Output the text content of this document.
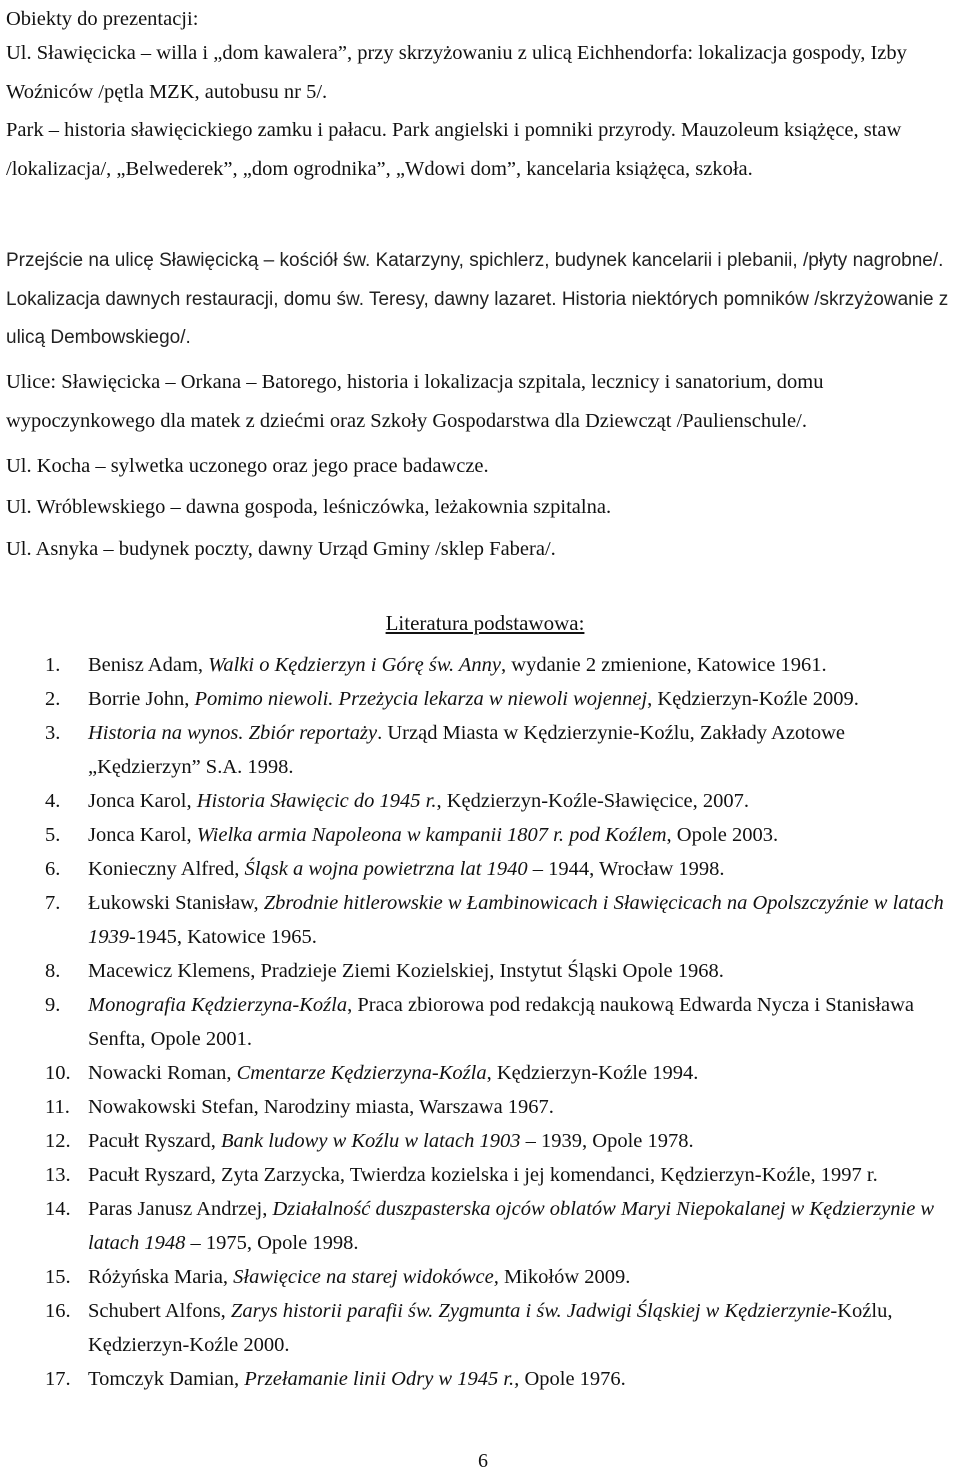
Obiekty do prezentacji:

Ul. Sławięcicka – willa i „dom kawalera”, przy skrzyżowaniu z ulicą Eichhendorfa: lokalizacja gospody, Izby Woźniców /pętla MZK, autobusu nr 5/.

Park – historia sławięcickiego zamku i pałacu. Park angielski i pomniki przyrody. Mauzoleum książęce, staw /lokalizacja/, „Belwederek”, „dom ogrodnika”, „Wdowi dom”, kancelaria książęca, szkoła.

Przejście na ulicę Sławięcicką – kościół św. Katarzyny, spichlerz, budynek kancelarii i plebanii, /płyty nagrobne/. Lokalizacja dawnych restauracji, domu św. Teresy, dawny lazaret. Historia niektórych pomników /skrzyżowanie z ulicą Dembowskiego/.

Ulice: Sławięcicka – Orkana – Batorego, historia i lokalizacja szpitala, lecznicy i sanatorium, domu wypoczynkowego dla matek z dziećmi oraz Szkoły Gospodarstwa dla Dziewcząt /Paulienschule/.

Ul. Kocha – sylwetka uczonego oraz jego prace badawcze.

Ul. Wróblewskiego – dawna gospoda, leśniczówka, leżakownia szpitalna.

Ul. Asnyka – budynek poczty, dawny Urząd Gminy /sklep Fabera/.

Literatura podstawowa:
1. Benisz Adam, Walki o Kędzierzyn i Górę św. Anny, wydanie 2 zmienione, Katowice 1961.
2. Borrie John, Pomimo niewoli. Przeżycia lekarza w niewoli wojennej, Kędzierzyn-Koźle 2009.
3. Historia na wynos. Zbiór reportaży. Urząd Miasta w Kędzierzynie-Koźlu, Zakłady Azotowe „Kędzierzyn” S.A. 1998.
4. Jonca Karol, Historia Sławięcic do 1945 r., Kędzierzyn-Koźle-Sławięcice, 2007.
5. Jonca Karol, Wielka armia Napoleona w kampanii 1807 r. pod Koźlem, Opole 2003.
6. Konieczny Alfred, Śląsk a wojna powietrzna lat 1940 – 1944, Wrocław 1998.
7. Łukowski Stanisław, Zbrodnie hitlerowskie w Łambinowicach i Sławięcicach na Opolszczyźnie w latach 1939-1945, Katowice 1965.
8. Macewicz Klemens, Pradzieje Ziemi Kozielskiej, Instytut Śląski Opole 1968.
9. Monografia Kędzierzyna-Koźla, Praca zbiorowa pod redakcją naukową Edwarda Nycza i Stanisława Senfta, Opole 2001.
10. Nowacki Roman, Cmentarze Kędzierzyna-Koźla, Kędzierzyn-Koźle 1994.
11. Nowakowski Stefan, Narodziny miasta, Warszawa 1967.
12. Pacułt Ryszard, Bank ludowy w Koźlu w latach 1903 – 1939, Opole 1978.
13. Pacułt Ryszard, Zyta Zarzycka, Twierdza kozielska i jej komendanci, Kędzierzyn-Koźle, 1997 r.
14. Paras Janusz Andrzej, Działalność duszpasterska ojców oblatów Maryi Niepokalanej w Kędzierzynie w latach 1948 – 1975, Opole 1998.
15. Różyńska Maria, Sławięcice na starej widokówce, Mikołów 2009.
16. Schubert Alfons, Zarys historii parafii św. Zygmunta i św. Jadwigi Śląskiej w Kędzierzynie-Koźlu, Kędzierzyn-Koźle 2000.
17. Tomczyk Damian, Przełamanie linii Odry w 1945 r., Opole 1976.
6
